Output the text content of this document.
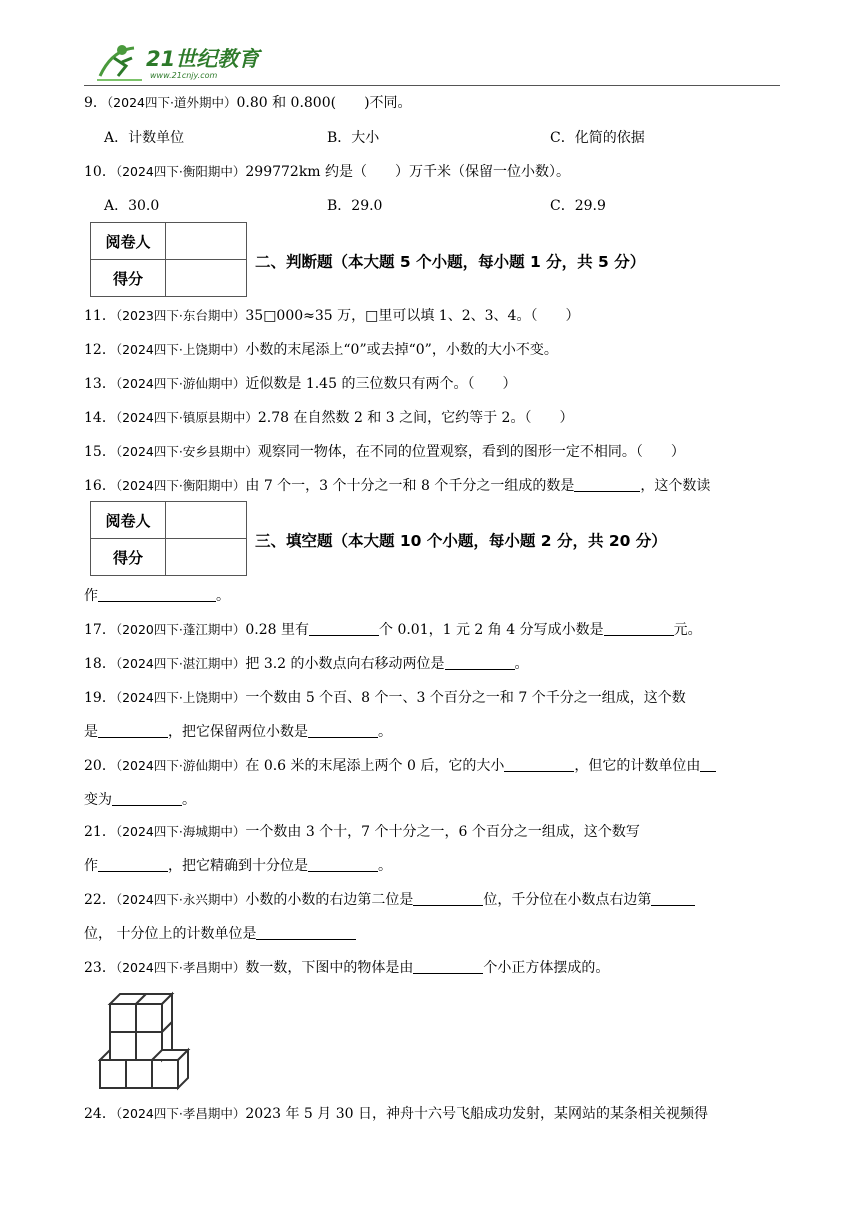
21世纪教育
www.21cnjy.com
9．（2024四下·道外期中）0.80 和 0.800(　　)不同。
A．计数单位	B．大小	C．化简的依据
10．（2024四下·衡阳期中）299772km 约是（　　）万千米（保留一位小数）。
A．30.0	B．29.0	C．29.9
阅卷人	
得分	
二、判断题（本大题 5 个小题，每小题 1 分，共 5 分）
11．（2023四下·东台期中）35□000≈35 万，□里可以填 1、2、3、4。（　　）
12．（2024四下·上饶期中）小数的末尾添上“0”或去掉“0”，小数的大小不变。
13．（2024四下·游仙期中）近似数是 1.45 的三位数只有两个。（　　）
14．（2024四下·镇原县期中）2.78 在自然数 2 和 3 之间，它约等于 2。（　　）
15．（2024四下·安乡县期中）观察同一物体，在不同的位置观察，看到的图形一定不相同。（　　）
16．（2024四下·衡阳期中）由 7 个一，3 个十分之一和 8 个千分之一组成的数是	，这个数读
阅卷人	
得分	
三、填空题（本大题 10 个小题，每小题 2 分，共 20 分）
作	。
17．（2020四下·蓬江期中）0.28 里有	个 0.01，1 元 2 角 4 分写成小数是	元。
18．（2024四下·湛江期中）把 3.2 的小数点向右移动两位是	。
19．（2024四下·上饶期中）一个数由 5 个百、8 个一、3 个百分之一和 7 个千分之一组成，这个数
是	，把它保留两位小数是	。
20．（2024四下·游仙期中）在 0.6 米的末尾添上两个 0 后，它的大小	，但它的计数单位由
变为	。
21．（2024四下·海城期中）一个数由 3 个十，7 个十分之一，6 个百分之一组成，这个数写
作	，把它精确到十分位是	。
22．（2024四下·永兴期中）小数的小数的右边第二位是	位，千分位在小数点右边第
位， 十分位上的计数单位是
23．（2024四下·孝昌期中）数一数，下图中的物体是由	个小正方体摆成的。
24．（2024四下·孝昌期中）2023 年 5 月 30 日，神舟十六号飞船成功发射，某网站的某条相关视频得
